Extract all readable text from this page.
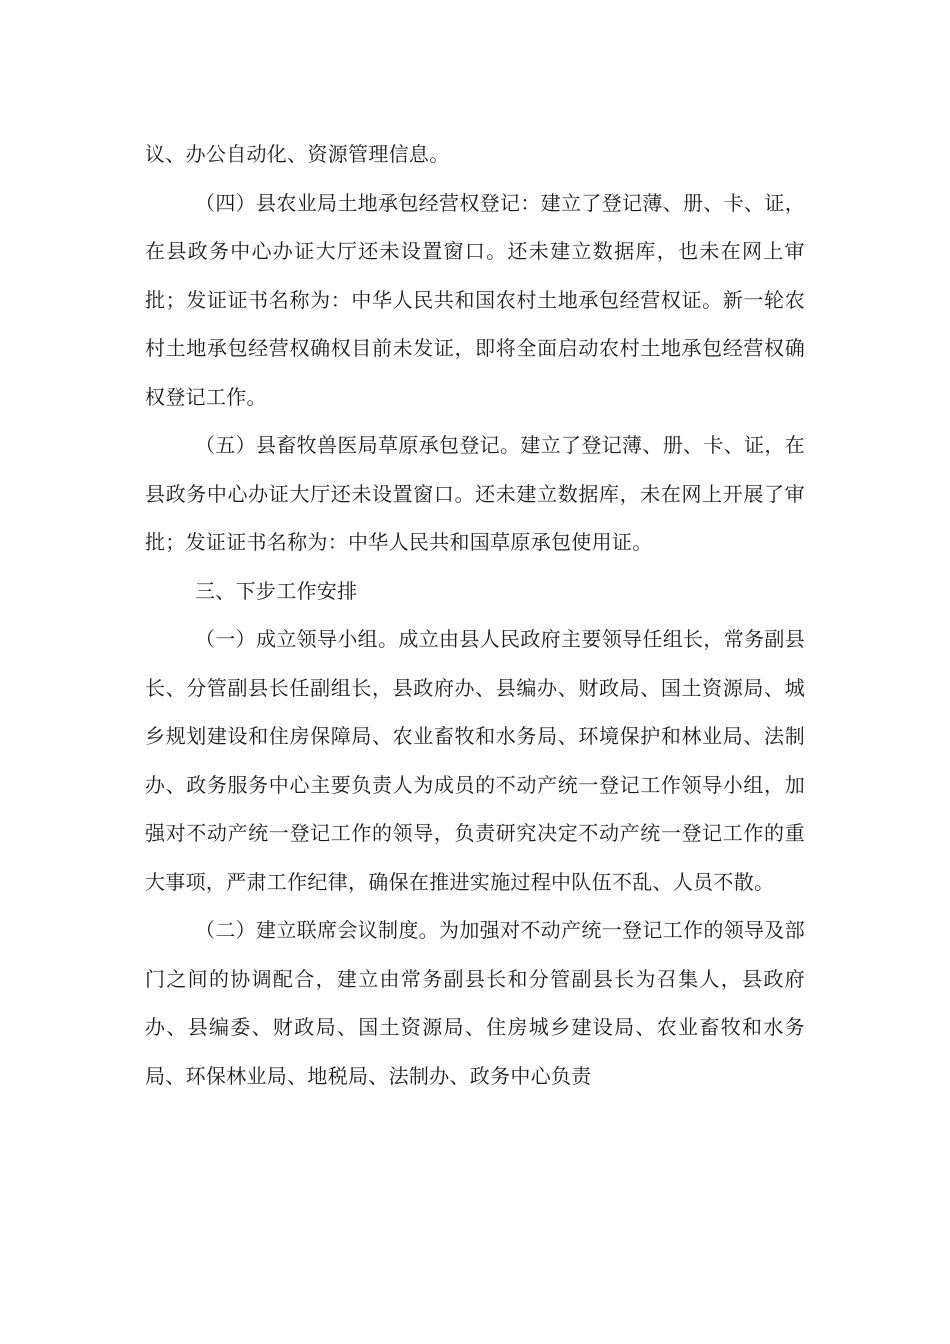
议、办公自动化、资源管理信息。

（四）县农业局土地承包经营权登记：建立了登记薄、册、卡、证，在县政务中心办证大厅还未设置窗口。还未建立数据库，也未在网上审批；发证证书名称为：中华人民共和国农村土地承包经营权证。新一轮农村土地承包经营权确权目前未发证，即将全面启动农村土地承包经营权确权登记工作。

（五）县畜牧兽医局草原承包登记。建立了登记薄、册、卡、证，在县政务中心办证大厅还未设置窗口。还未建立数据库，未在网上开展了审批；发证证书名称为：中华人民共和国草原承包使用证。

三、下步工作安排

（一）成立领导小组。成立由县人民政府主要领导任组长，常务副县长、分管副县长任副组长，县政府办、县编办、财政局、国土资源局、城乡规划建设和住房保障局、农业畜牧和水务局、环境保护和林业局、法制办、政务服务中心主要负责人为成员的不动产统一登记工作领导小组，加强对不动产统一登记工作的领导，负责研究决定不动产统一登记工作的重大事项，严肃工作纪律，确保在推进实施过程中队伍不乱、人员不散。

（二）建立联席会议制度。为加强对不动产统一登记工作的领导及部门之间的协调配合，建立由常务副县长和分管副县长为召集人，县政府办、县编委、财政局、国土资源局、住房城乡建设局、农业畜牧和水务局、环保林业局、地税局、法制办、政务中心负责
